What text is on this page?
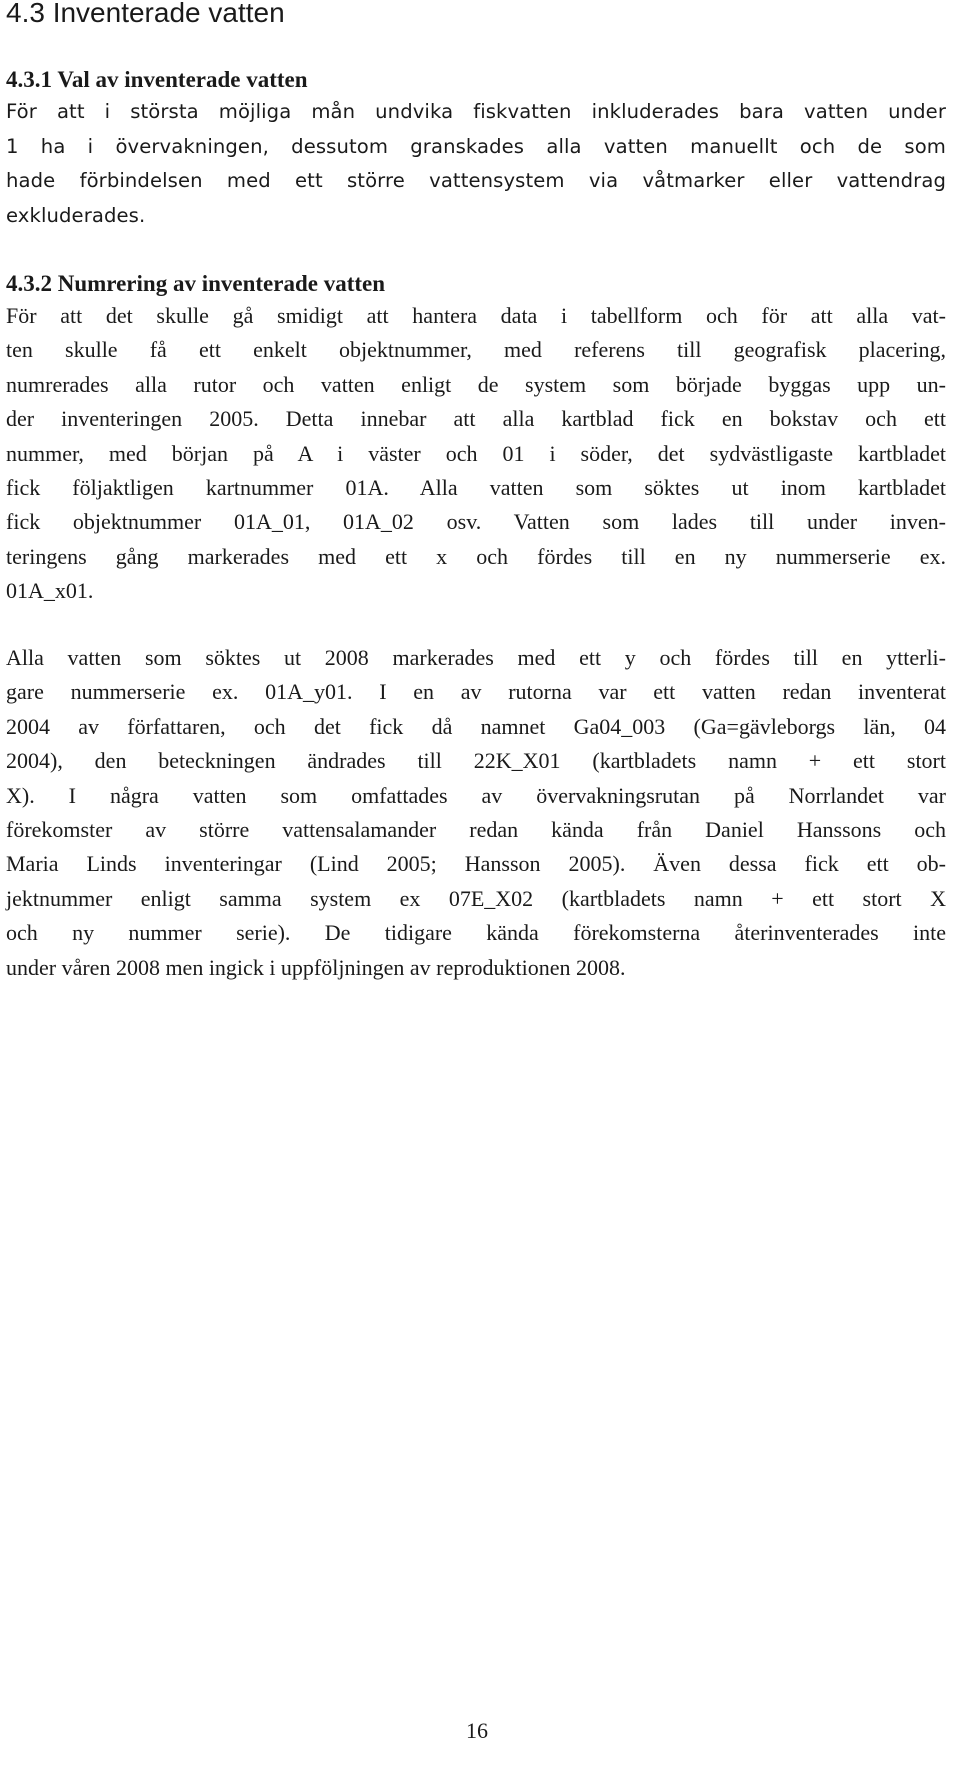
4.3 Inventerade vatten
4.3.1 Val av inventerade vatten

För att i största möjliga mån undvika fiskvatten inkluderades bara vatten under
1 ha i övervakningen, dessutom granskades alla vatten manuellt och de som
hade förbindelsen med ett större vattensystem via våtmarker eller vattendrag
exkluderades.

4.3.2 Numrering av inventerade vatten

För att det skulle gå smidigt att hantera data i tabellform och för att alla vat-
ten skulle få ett enkelt objektnummer, med referens till geografisk placering,
numrerades alla rutor och vatten enligt de system som började byggas upp un-
der inventeringen 2005. Detta innebar att alla kartblad fick en bokstav och ett
nummer, med början på A i väster och 01 i söder, det sydvästligaste kartbladet
fick följaktligen kartnummer 01A. Alla vatten som söktes ut inom kartbladet
fick objektnummer 01A_01, 01A_02 osv. Vatten som lades till under inven-
teringens gång markerades med ett x och fördes till en ny nummerserie ex.
01A_x01.

Alla vatten som söktes ut 2008 markerades med ett y och fördes till en ytterli-
gare nummerserie ex. 01A_y01. I en av rutorna var ett vatten redan inventerat
2004 av författaren, och det fick då namnet Ga04_003 (Ga=gävleborgs län, 04
2004), den beteckningen ändrades till 22K_X01 (kartbladets namn + ett stort
X). I några vatten som omfattades av övervakningsrutan på Norrlandet var
förekomster av större vattensalamander redan kända från Daniel Hanssons och
Maria Linds inventeringar (Lind 2005; Hansson 2005). Även dessa fick ett ob-
jektnummer enligt samma system ex 07E_X02 (kartbladets namn + ett stort X
och ny nummer serie). De tidigare kända förekomsterna återinventerades inte
under våren 2008 men ingick i uppföljningen av reproduktionen 2008.

16
